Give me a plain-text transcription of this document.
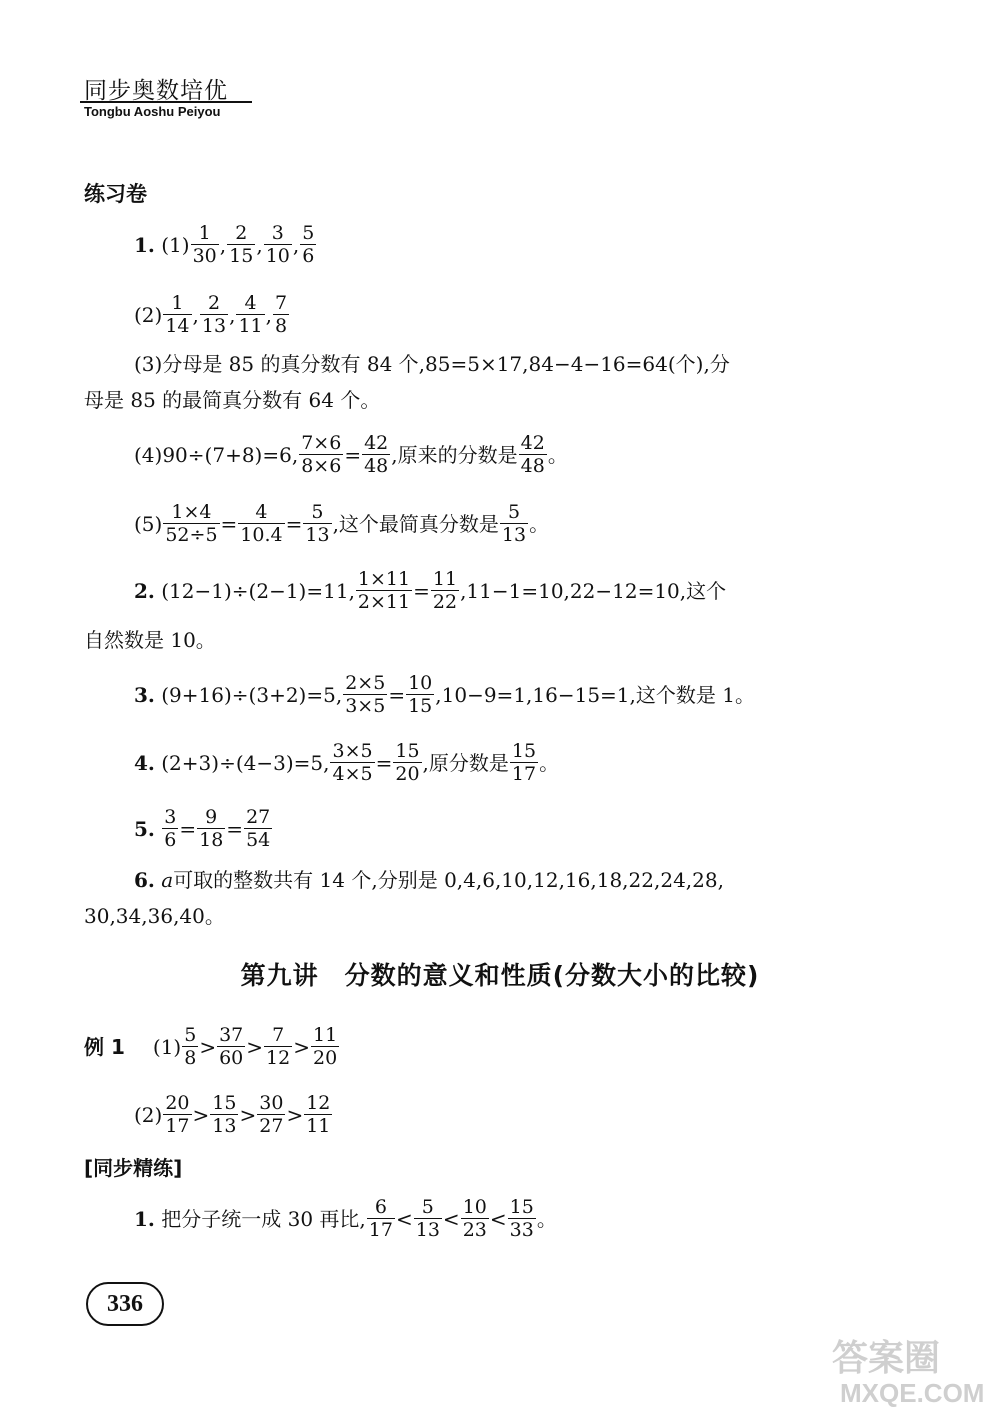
同步奥数培优
Tongbu Aoshu Peiyou
练习卷
1.
$(1) \frac{1}{30}$ , $\frac{2}{15}$ , $\frac{3}{10}$ , $\frac{5}{6}$
$(2) \frac{1}{14}$ , $\frac{2}{13}$ , $\frac{4}{11}$ , $\frac{7}{8}$
(3)分母是 85 的真分数有 84 个,85=5×17,84−4−16=64(个),分
母是 85 的最简真分数有 64 个。
(4)90÷(7+8)=6, $\frac{7\times 6}{8\times 6} = \frac{42}{48}$ ,原来的分数是 $\frac{42}{48}$ 。
$(5) \frac{1\times 4}{52\div 5} = \frac{4}{10.4} = \frac{5}{13}$ ,这个最简真分数是 $\frac{5}{13}$ 。
2.
(12−1)÷(2−1)=11, $\frac{1\times 11}{2\times 11} = \frac{11}{22} ,11-1=10,22-12=10$,这个
自然数是 10。
3.
(9+16)÷(3+2)=5, $\frac{2\times 5}{3\times 5} = \frac{10}{15} ,10-9=1,16-15=1$,这个数是 1。
4.
(2+3)÷(4−3)=5, $\frac{3\times 5}{4\times 5} = \frac{15}{20}$ ,原分数是 $\frac{15}{17}$ 。
5.
$\frac{3}{6} = \frac{9}{18} = \frac{27}{54}$
6.
a 可取的整数共有 14 个,分别是 0,4,6,10,12,16,18,22,24,28,
30,34,36,40。
第九讲　分数的意义和性质(分数大小的比较)
例 1 $(1) \frac{5}{8} > \frac{37}{60} > \frac{7}{12} > \frac{11}{20}$
$(2) \frac{20}{17} > \frac{15}{13} > \frac{30}{27} > \frac{12}{11}$
[同步精练]
1.
把分子统一成 30 再比, $\frac{6}{17} < \frac{5}{13} < \frac{10}{23} < \frac{15}{33}$ 。
336
答案圈
MXQE.COM
